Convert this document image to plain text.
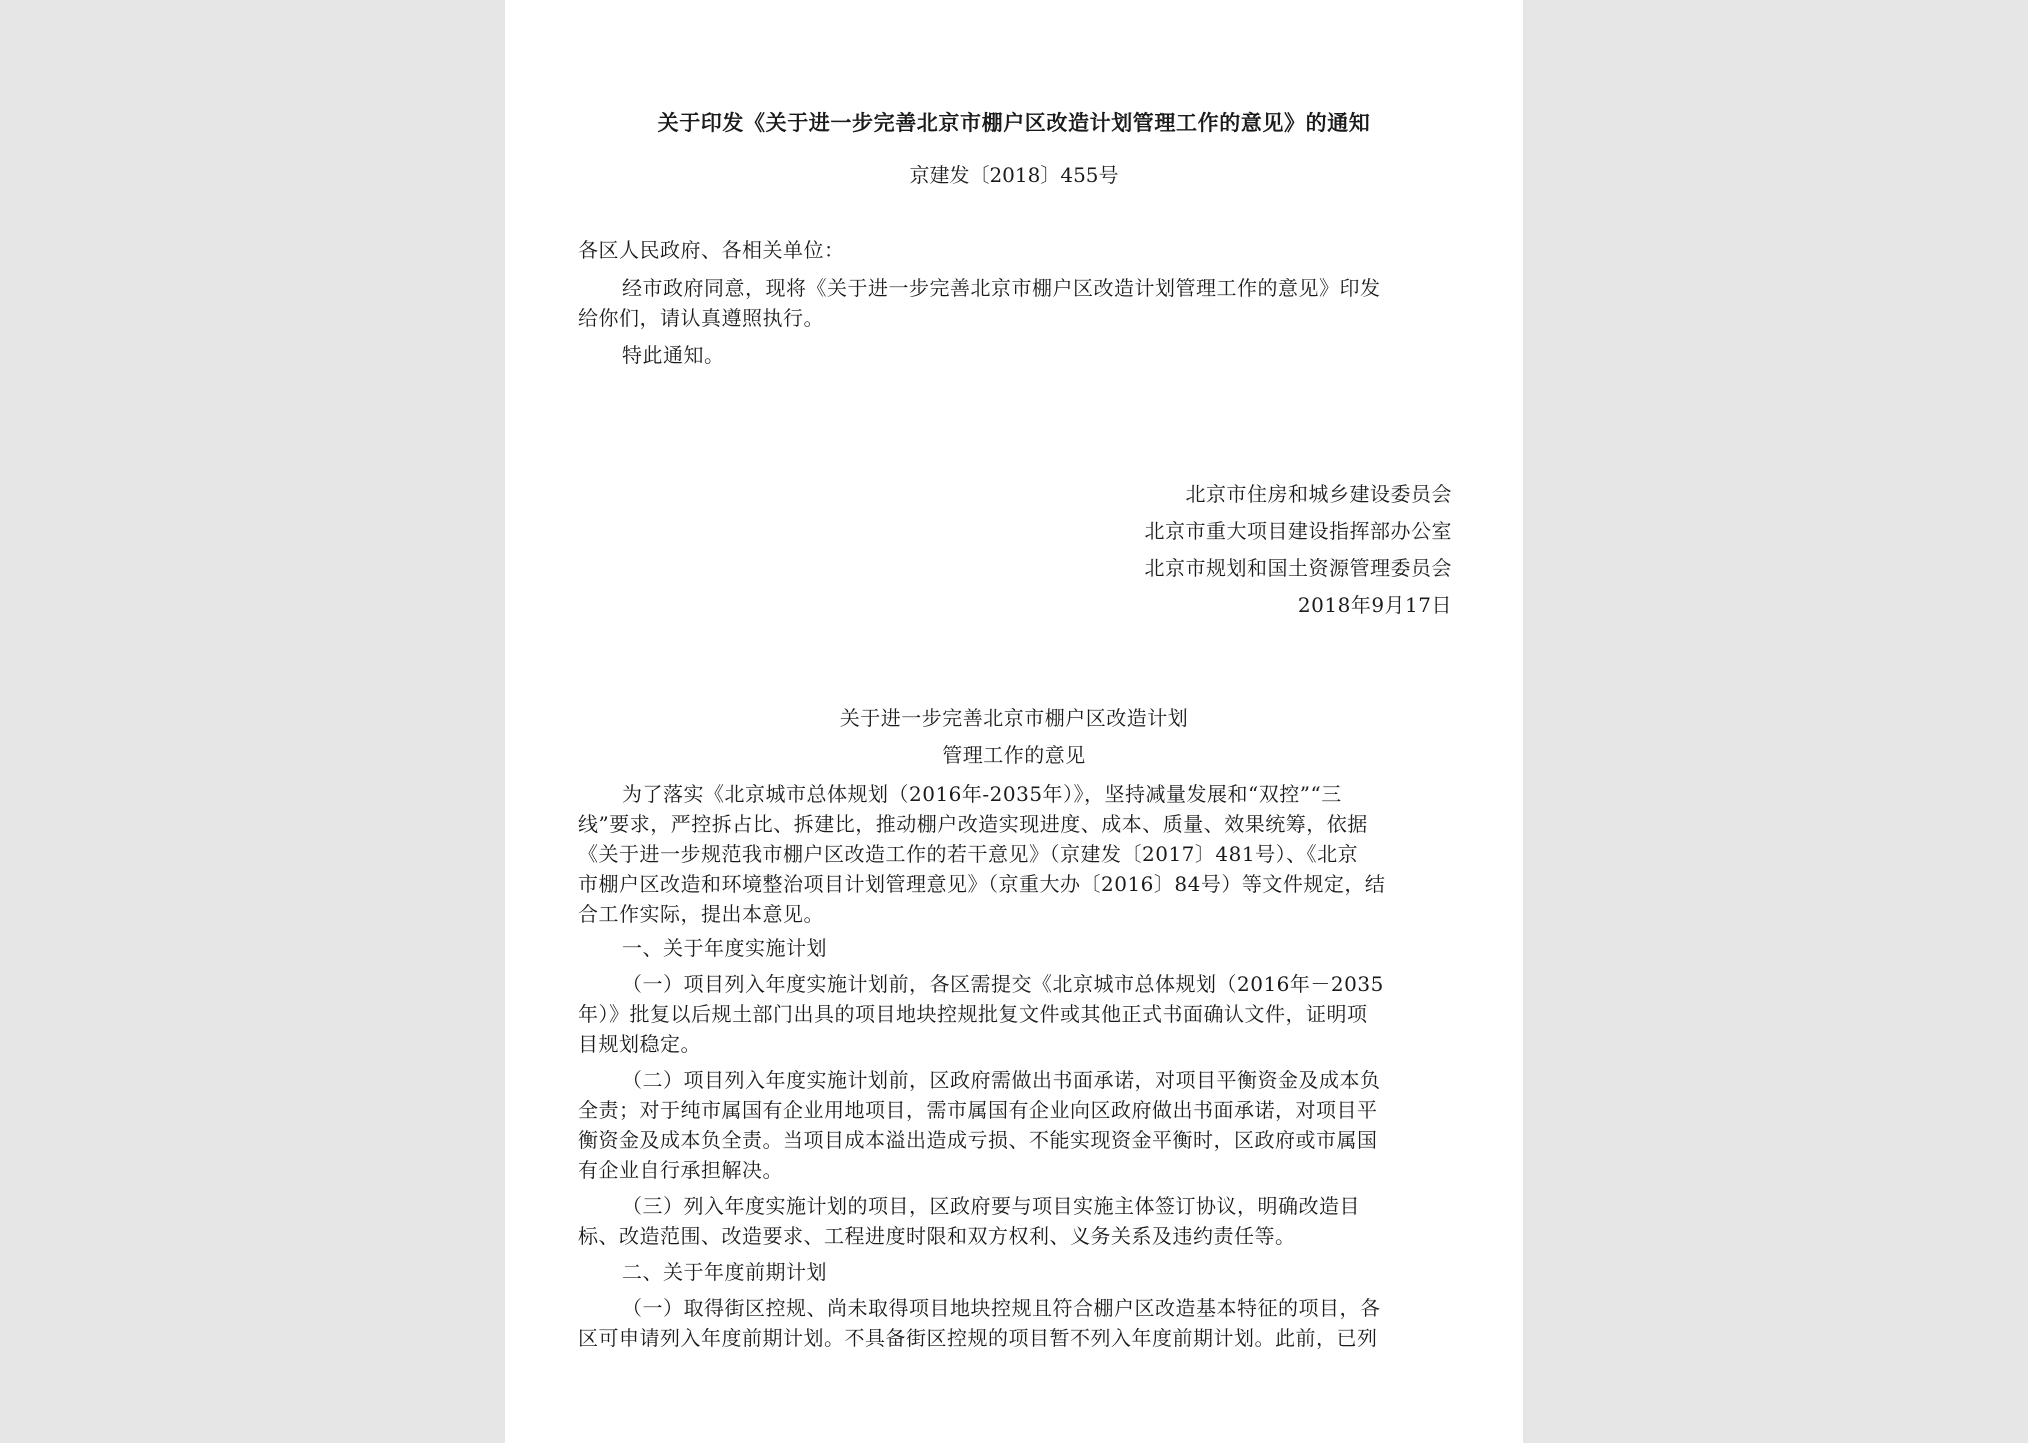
关于印发《关于进一步完善北京市棚户区改造计划管理工作的意见》的通知
京建发〔2018〕455号
各区人民政府、各相关单位：
经市政府同意，现将《关于进一步完善北京市棚户区改造计划管理工作的意见》印发
给你们，请认真遵照执行。
特此通知。
北京市住房和城乡建设委员会
北京市重大项目建设指挥部办公室
北京市规划和国土资源管理委员会
2018年9月17日
关于进一步完善北京市棚户区改造计划
管理工作的意见
为了落实《北京城市总体规划（2016年-2035年）》，坚持减量发展和“双控”“三
线”要求，严控拆占比、拆建比，推动棚户改造实现进度、成本、质量、效果统筹，依据
《关于进一步规范我市棚户区改造工作的若干意见》（京建发〔2017〕481号）、《北京
市棚户区改造和环境整治项目计划管理意见》（京重大办〔2016〕84号）等文件规定，结
合工作实际，提出本意见。
一、关于年度实施计划
（一）项目列入年度实施计划前，各区需提交《北京城市总体规划（2016年－2035
年）》批复以后规土部门出具的项目地块控规批复文件或其他正式书面确认文件，证明项
目规划稳定。
（二）项目列入年度实施计划前，区政府需做出书面承诺，对项目平衡资金及成本负
全责；对于纯市属国有企业用地项目，需市属国有企业向区政府做出书面承诺，对项目平
衡资金及成本负全责。当项目成本溢出造成亏损、不能实现资金平衡时，区政府或市属国
有企业自行承担解决。
（三）列入年度实施计划的项目，区政府要与项目实施主体签订协议，明确改造目
标、改造范围、改造要求、工程进度时限和双方权利、义务关系及违约责任等。
二、关于年度前期计划
（一）取得街区控规、尚未取得项目地块控规且符合棚户区改造基本特征的项目，各
区可申请列入年度前期计划。不具备街区控规的项目暂不列入年度前期计划。此前，已列
